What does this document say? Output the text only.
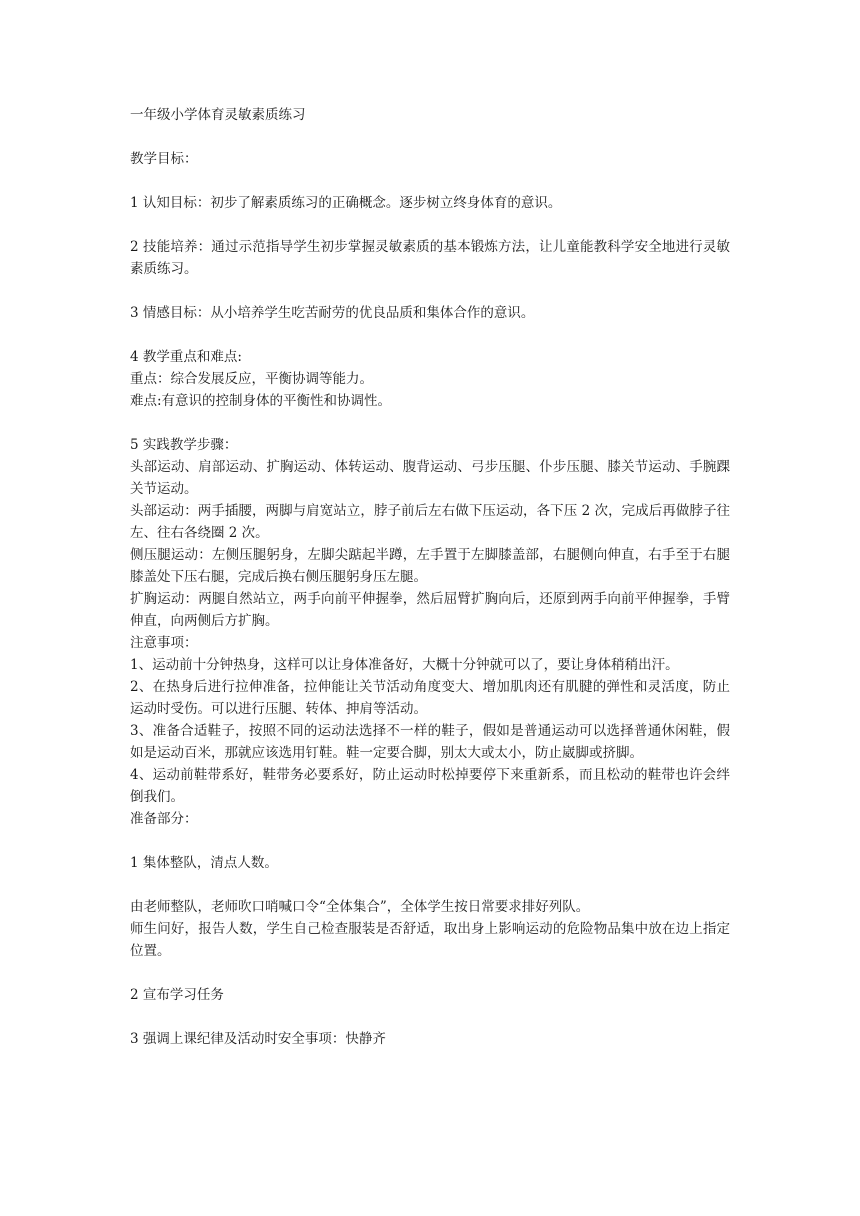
一年级小学体育灵敏素质练习
教学目标：
1 认知目标：初步了解素质练习的正确概念。逐步树立终身体育的意识。
2 技能培养：通过示范指导学生初步掌握灵敏素质的基本锻炼方法，让儿童能教科学安全地进行灵敏素质练习。
3 情感目标：从小培养学生吃苦耐劳的优良品质和集体合作的意识。
4 教学重点和难点:
重点：综合发展反应，平衡协调等能力。
难点:有意识的控制身体的平衡性和协调性。
5 实践教学步骤：
头部运动、肩部运动、扩胸运动、体转运动、腹背运动、弓步压腿、仆步压腿、膝关节运动、手腕踝关节运动。
头部运动：两手插腰，两脚与肩宽站立，脖子前后左右做下压运动，各下压 2 次，完成后再做脖子往左、往右各绕圈 2 次。
侧压腿运动：左侧压腿躬身，左脚尖踮起半蹲，左手置于左脚膝盖部，右腿侧向伸直，右手至于右腿膝盖处下压右腿，完成后换右侧压腿躬身压左腿。
扩胸运动：两腿自然站立，两手向前平伸握拳，然后屈臂扩胸向后，还原到两手向前平伸握拳，手臂伸直，向两侧后方扩胸。
注意事项：
1、运动前十分钟热身，这样可以让身体准备好，大概十分钟就可以了，要让身体稍稍出汗。
2、在热身后进行拉伸准备，拉伸能让关节活动角度变大、增加肌肉还有肌腱的弹性和灵活度，防止运动时受伤。可以进行压腿、转体、抻肩等活动。
3、准备合适鞋子，按照不同的运动法选择不一样的鞋子，假如是普通运动可以选择普通休闲鞋，假如是运动百米，那就应该选用钉鞋。鞋一定要合脚，别太大或太小，防止崴脚或挤脚。
4、运动前鞋带系好，鞋带务必要系好，防止运动时松掉要停下来重新系，而且松动的鞋带也许会绊倒我们。
准备部分：
1 集体整队，清点人数。
由老师整队，老师吹口哨喊口令“全体集合”，全体学生按日常要求排好列队。
师生问好，报告人数，学生自己检查服装是否舒适，取出身上影响运动的危险物品集中放在边上指定位置。
2 宣布学习任务
3 强调上课纪律及活动时安全事项：快静齐
